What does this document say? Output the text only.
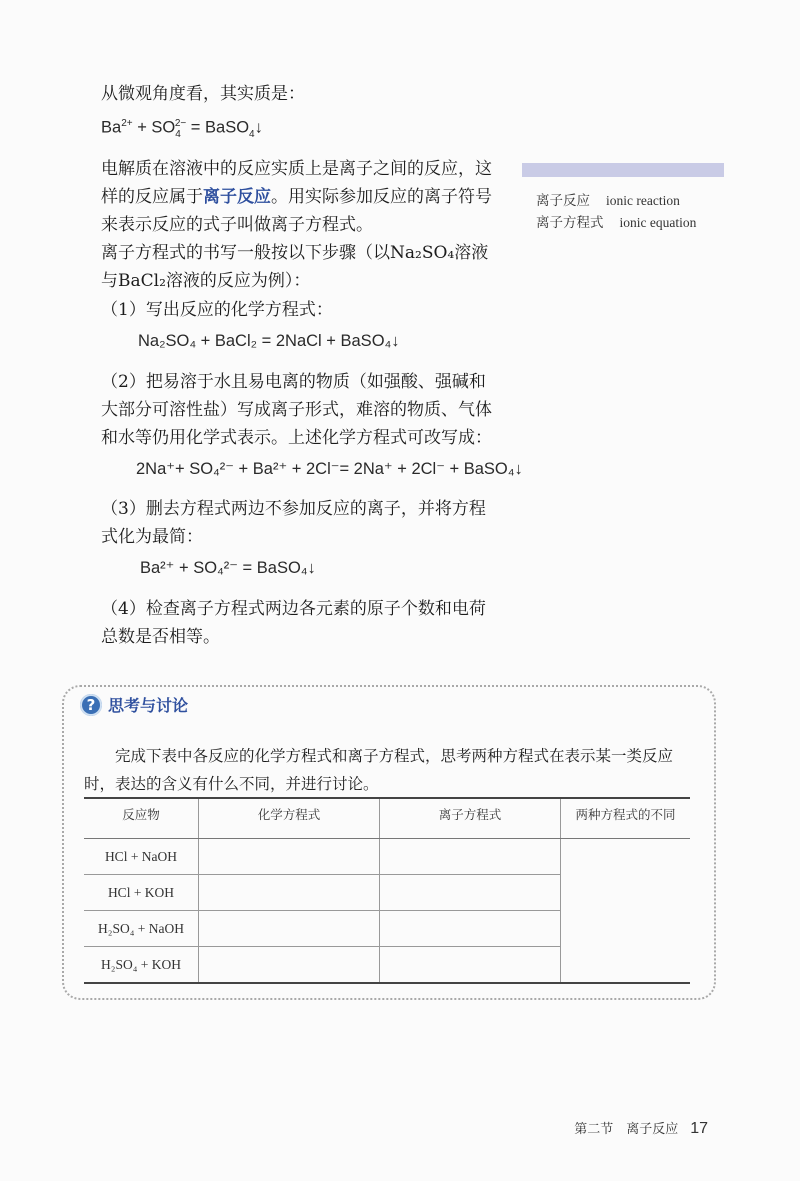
从微观角度看，其实质是：
$Ba^{2+} + SO_4^{2-}$ = BaSO$_4$↓
电解质在溶液中的反应实质上是离子之间的反应，这样的反应属于离子反应。用实际参加反应的离子符号来表示反应的式子叫做离子方程式。
离子方程式的书写一般按以下步骤（以Na₂SO₄溶液与BaCl₂溶液的反应为例）：
（1）写出反应的化学方程式：
Na₂SO₄ + BaCl₂ = 2NaCl + BaSO₄↓
（2）把易溶于水且易电离的物质（如强酸、强碱和大部分可溶性盐）写成离子形式，难溶的物质、气体和水等仍用化学式表示。上述化学方程式可改写成：
2Na⁺+ SO₄²⁻ + Ba²⁺ + 2Cl⁻= 2Na⁺ + 2Cl⁻ + BaSO₄↓
（3）删去方程式两边不参加反应的离子，并将方程式化为最简：
Ba²⁺ + SO₄²⁻ = BaSO₄↓
（4）检查离子方程式两边各元素的原子个数和电荷总数是否相等。
离子反应 ionic reaction
离子方程式 ionic equation
? 思考与讨论
完成下表中各反应的化学方程式和离子方程式，思考两种方程式在表示某一类反应时，表达的含义有什么不同，并进行讨论。
反应物	化学方程式	离子方程式	两种方程式的不同
HCl + NaOH			
HCl + KOH			
H₂SO₄ + NaOH			
H₂SO₄ + KOH			
第二节　离子反应 17
